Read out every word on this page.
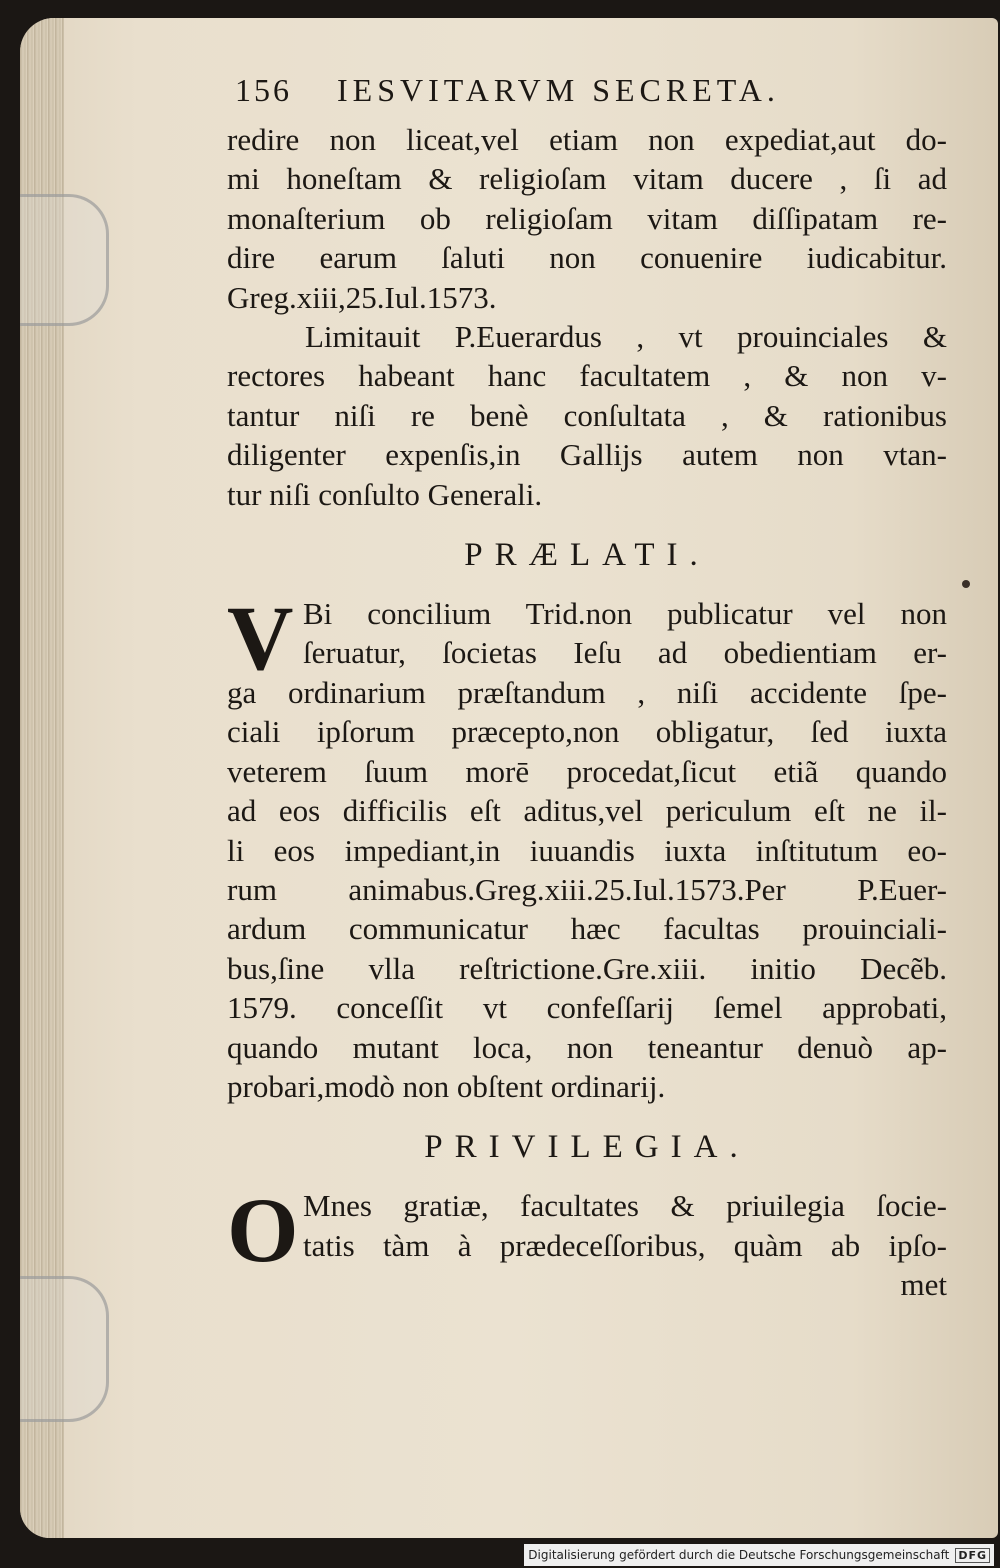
156 IESVITARVM SECRETA.
redire non liceat,vel etiam non expediat,aut do-
mi honeſtam & religioſam vitam ducere , ſi ad
monaſterium ob religioſam vitam diſſipatam re-
dire earum ſaluti non conuenire iudicabitur.
Greg.xiii,25.Iul.1573.
Limitauit P.Euerardus , vt prouinciales &
rectores habeant hanc facultatem , & non v-
tantur niſi re benè conſultata , & rationibus
diligenter expenſis,in Gallijs autem non vtan-
tur niſi conſulto Generali.
PRÆLATI.
V Bi concilium Trid.non publicatur vel non
ſeruatur, ſocietas Ieſu ad obedientiam er-
ga ordinarium præſtandum , niſi accidente ſpe-
ciali ipſorum præcepto,non obligatur, ſed iuxta
veterem ſuum morē procedat,ſicut etiã quando
ad eos difficilis eſt aditus,vel periculum eſt ne il-
li eos impediant,in iuuandis iuxta inſtitutum eo-
rum animabus.Greg.xiii.25.Iul.1573.Per P.Euer-
ardum communicatur hæc facultas prouinciali-
bus,ſine vlla reſtrictione.Gre.xiii. initio Decẽb.
1579. conceſſit vt confeſſarij ſemel approbati,
quando mutant loca, non teneantur denuò ap-
probari,modò non obſtent ordinarij.
PRIVILEGIA.
O Mnes gratiæ, facultates & priuilegia ſocie-
tatis tàm à prædeceſſoribus, quàm ab ipſo-
met
Digitalisierung gefördert durch die Deutsche Forschungsgemeinschaft DFG
